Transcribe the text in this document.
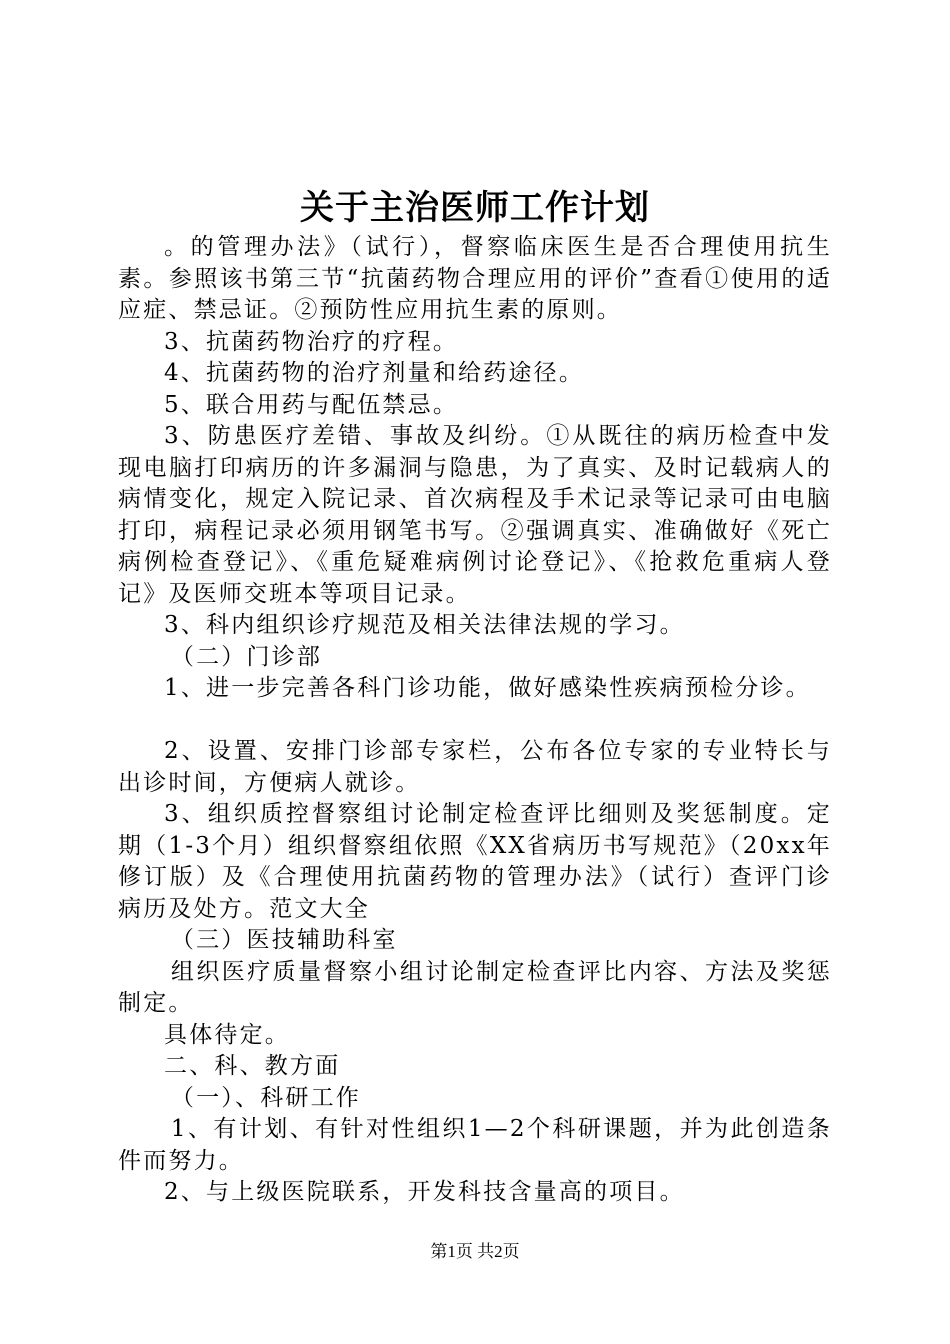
关于主治医师工作计划

。的管理办法》（试行），督察临床医生是否合理使用抗生素。参照该书第三节“抗菌药物合理应用的评价”查看①使用的适应症、禁忌证。②预防性应用抗生素的原则。

3、抗菌药物治疗的疗程。

4、抗菌药物的治疗剂量和给药途径。

5、联合用药与配伍禁忌。

3、防患医疗差错、事故及纠纷。①从既往的病历检查中发现电脑打印病历的许多漏洞与隐患，为了真实、及时记载病人的病情变化，规定入院记录、首次病程及手术记录等记录可由电脑打印，病程记录必须用钢笔书写。②强调真实、准确做好《死亡病例检查登记》、《重危疑难病例讨论登记》、《抢救危重病人登记》及医师交班本等项目记录。

3、科内组织诊疗规范及相关法律法规的学习。

（二）门诊部

1、进一步完善各科门诊功能，做好感染性疾病预检分诊。

2、设置、安排门诊部专家栏，公布各位专家的专业特长与出诊时间，方便病人就诊。

3、组织质控督察组讨论制定检查评比细则及奖惩制度。定期（1-3个月）组织督察组依照《XX省病历书写规范》（20xx年修订版）及《合理使用抗菌药物的管理办法》（试行）查评门诊病历及处方。范文大全

（三）医技辅助科室

组织医疗质量督察小组讨论制定检查评比内容、方法及奖惩制定。

具体待定。

二、科、教方面

（一）、科研工作

1、有计划、有针对性组织1—2个科研课题，并为此创造条件而努力。

2、与上级医院联系，开发科技含量高的项目。

第1页 共2页
